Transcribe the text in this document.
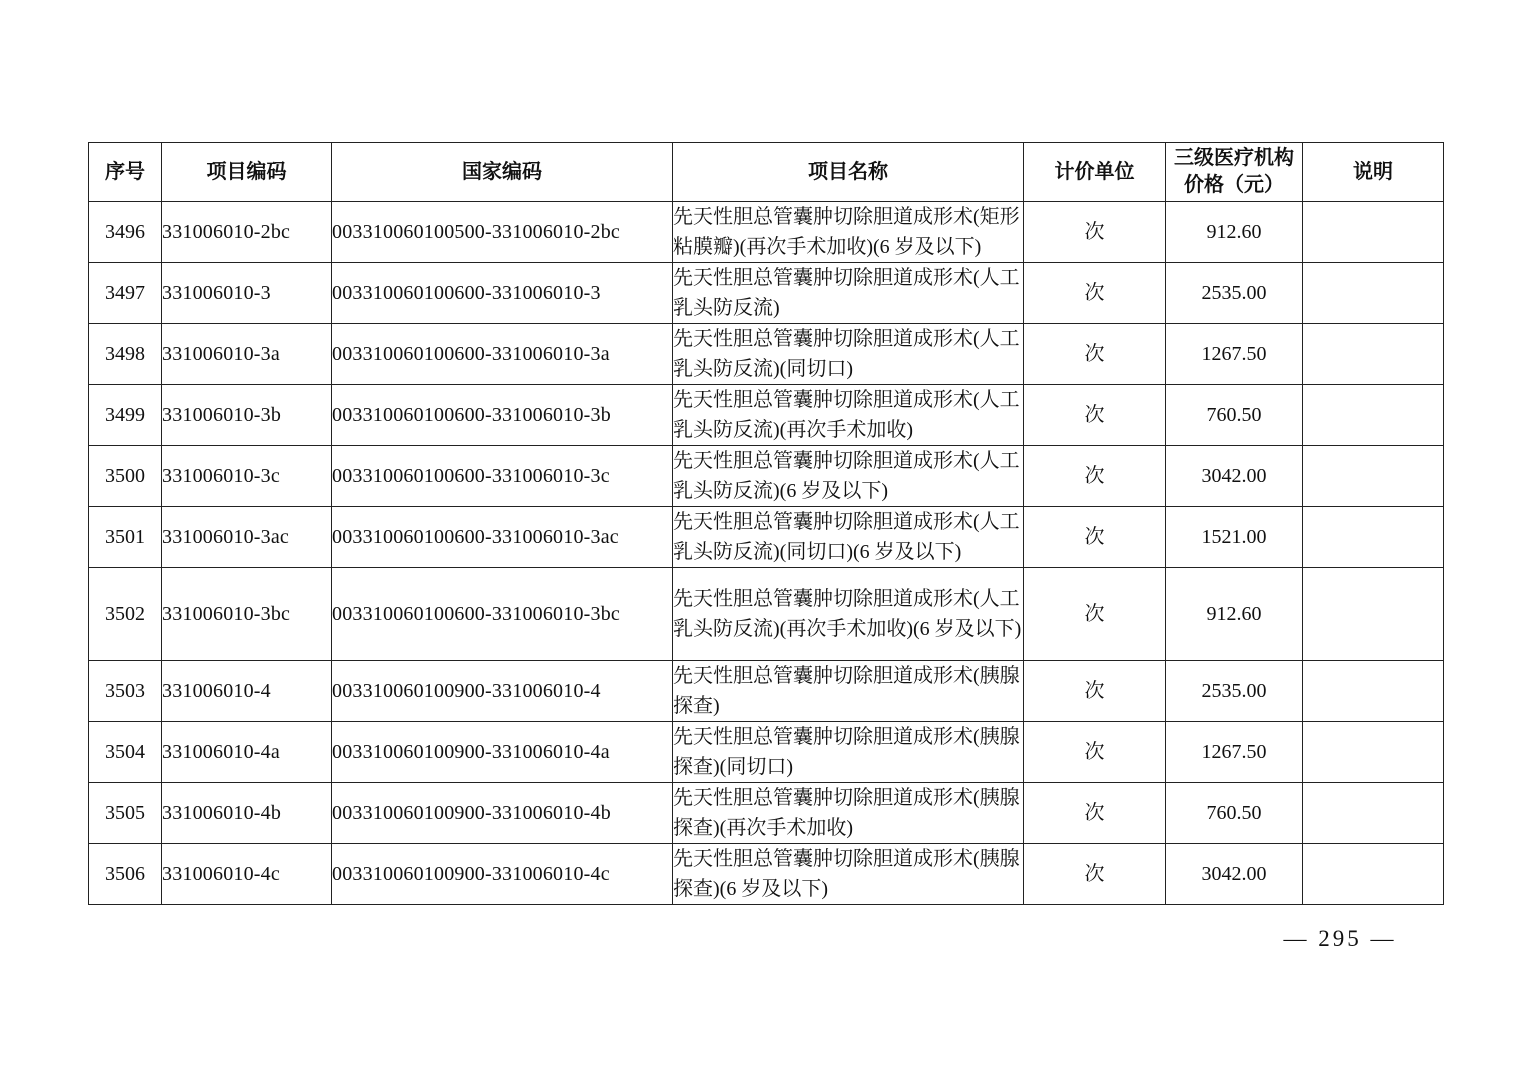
序号	项目编码	国家编码	项目名称	计价单位	三级医疗机构 价格（元）	说明
3496	331006010-2bc	003310060100500-331006010-2bc	先天性胆总管囊肿切除胆道成形术(矩形粘膜瓣)(再次手术加收)(6 岁及以下)	次	912.60	
3497	331006010-3	003310060100600-331006010-3	先天性胆总管囊肿切除胆道成形术(人工乳头防反流)	次	2535.00	
3498	331006010-3a	003310060100600-331006010-3a	先天性胆总管囊肿切除胆道成形术(人工乳头防反流)(同切口)	次	1267.50	
3499	331006010-3b	003310060100600-331006010-3b	先天性胆总管囊肿切除胆道成形术(人工乳头防反流)(再次手术加收)	次	760.50	
3500	331006010-3c	003310060100600-331006010-3c	先天性胆总管囊肿切除胆道成形术(人工乳头防反流)(6 岁及以下)	次	3042.00	
3501	331006010-3ac	003310060100600-331006010-3ac	先天性胆总管囊肿切除胆道成形术(人工乳头防反流)(同切口)(6 岁及以下)	次	1521.00	
3502	331006010-3bc	003310060100600-331006010-3bc	先天性胆总管囊肿切除胆道成形术(人工乳头防反流)(再次手术加收)(6 岁及以下)	次	912.60	
3503	331006010-4	003310060100900-331006010-4	先天性胆总管囊肿切除胆道成形术(胰腺探查)	次	2535.00	
3504	331006010-4a	003310060100900-331006010-4a	先天性胆总管囊肿切除胆道成形术(胰腺探查)(同切口)	次	1267.50	
3505	331006010-4b	003310060100900-331006010-4b	先天性胆总管囊肿切除胆道成形术(胰腺探查)(再次手术加收)	次	760.50	
3506	331006010-4c	003310060100900-331006010-4c	先天性胆总管囊肿切除胆道成形术(胰腺探查)(6 岁及以下)	次	3042.00	
— 295 —
